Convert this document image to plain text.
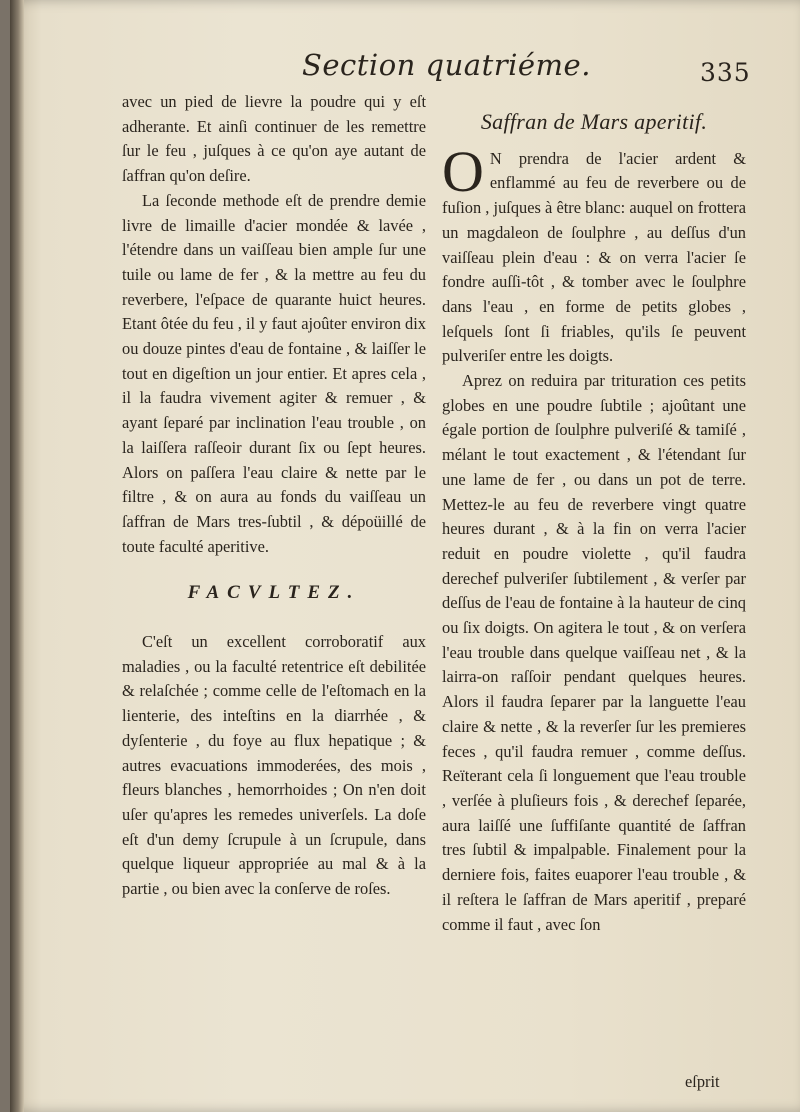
Section quatriéme.	335

avec un pied de lievre la poudre qui y eſt adherante. Et ainſi continuer de les remettre ſur le feu , juſques à ce qu'on aye autant de ſaffran qu'on deſire.

La ſeconde methode eſt de prendre demie livre de limaille d'acier mondée & lavée , l'étendre dans un vaiſſeau bien ample ſur une tuile ou lame de fer , & la mettre au feu du reverbere, l'eſpace de quarante huict heures. Etant ôtée du feu , il y faut ajoûter environ dix ou douze pintes d'eau de fontaine , & laiſſer le tout en digeſtion un jour entier. Et apres cela , il la faudra vivement agiter & remuer , & ayant ſeparé par inclination l'eau trouble , on la laiſſera raſſeoir durant ſix ou ſept heures. Alors on paſſera l'eau claire & nette par le filtre , & on aura au fonds du vaiſſeau un ſaffran de Mars tres-ſubtil , & dépoüillé de toute faculté aperitive.

FACVLTEZ.

C'eſt un excellent corroboratif aux maladies , ou la faculté retentrice eſt debilitée & relaſchée ; comme celle de l'eſtomach en la lienterie, des inteſtins en la diarrhée , & dyſenterie , du foye au flux hepatique ; & autres evacuations immoderées, des mois , fleurs blanches , hemorrhoides ; On n'en doit uſer qu'apres les remedes univerſels. La doſe eſt d'un demy ſcrupule à un ſcrupule, dans quelque liqueur appropriée au mal & à la partie , ou bien avec la conſerve de roſes.

Saffran de Mars aperitif.
O N prendra de l'acier ardent & enflammé au feu de reverbere ou de fuſion , juſques à être blanc: auquel on frottera un magdaleon de ſoulphre , au deſſus d'un vaiſſeau plein d'eau : & on verra l'acier ſe fondre auſſi-tôt , & tomber avec le ſoulphre dans l'eau , en forme de petits globes , leſquels ſont ſi friables, qu'ils ſe peuvent pulveriſer entre les doigts.

Aprez on reduira par trituration ces petits globes en une poudre ſubtile ; ajoûtant une égale portion de ſoulphre pulveriſé & tamiſé , mélant le tout exactement , & l'étendant ſur une lame de fer , ou dans un pot de terre. Mettez-le au feu de reverbere vingt quatre heures durant , & à la fin on verra l'acier reduit en poudre violette , qu'il faudra derechef pulveriſer ſubtilement , & verſer par deſſus de l'eau de fontaine à la hauteur de cinq ou ſix doigts. On agitera le tout , & on verſera l'eau trouble dans quelque vaiſſeau net , & la lairra-on raſſoir pendant quelques heures. Alors il faudra ſeparer par la languette l'eau claire & nette , & la reverſer ſur les premieres feces , qu'il faudra remuer , comme deſſus. Reïterant cela ſi longuement que l'eau trouble , verſée à pluſieurs fois , & derechef ſeparée, aura laiſſé une ſuffiſante quantité de ſaffran tres ſubtil & impalpable. Finalement pour la derniere fois, faites euaporer l'eau trouble , & il reſtera le ſaffran de Mars aperitif , preparé comme il faut , avec ſon

eſprit
